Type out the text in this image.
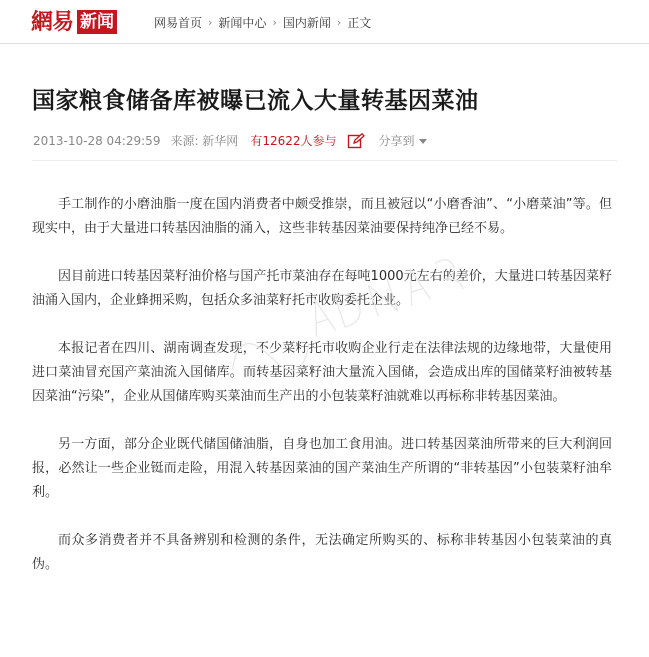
網易 新闻	网易首页 › 新闻中心 › 国内新闻 › 正文
国家粮食储备库被曝已流入大量转基因菜油
2013-10-28 04:29:59 来源: 新华网 有12622人参与	分享到

手工制作的小磨油脂一度在国内消费者中颇受推崇，而且被冠以“小磨香油”、“小磨菜油”等。但现实中，由于大量进口转基因油脂的涌入，这些非转基因菜油要保持纯净已经不易。

因目前进口转基因菜籽油价格与国产托市菜油存在每吨1000元左右的差价，大量进口转基因菜籽油涌入国内，企业蜂拥采购，包括众多油菜籽托市收购委托企业。

本报记者在四川、湖南调查发现，不少菜籽托市收购企业行走在法律法规的边缘地带，大量使用进口菜油冒充国产菜油流入国储库。而转基因菜籽油大量流入国储，会造成出库的国储菜籽油被转基因菜油“污染”，企业从国储库购买菜油而生产出的小包装菜籽油就难以再标称非转基因菜油。

另一方面，部分企业既代储国储油脂，自身也加工食用油。进口转基因菜油所带来的巨大利润回报，必然让一些企业铤而走险，用混入转基因菜油的国产菜油生产所谓的“非转基因”小包装菜籽油牟利。

而众多消费者并不具备辨别和检测的条件，无法确定所购买的、标称非转基因小包装菜油的真伪。
